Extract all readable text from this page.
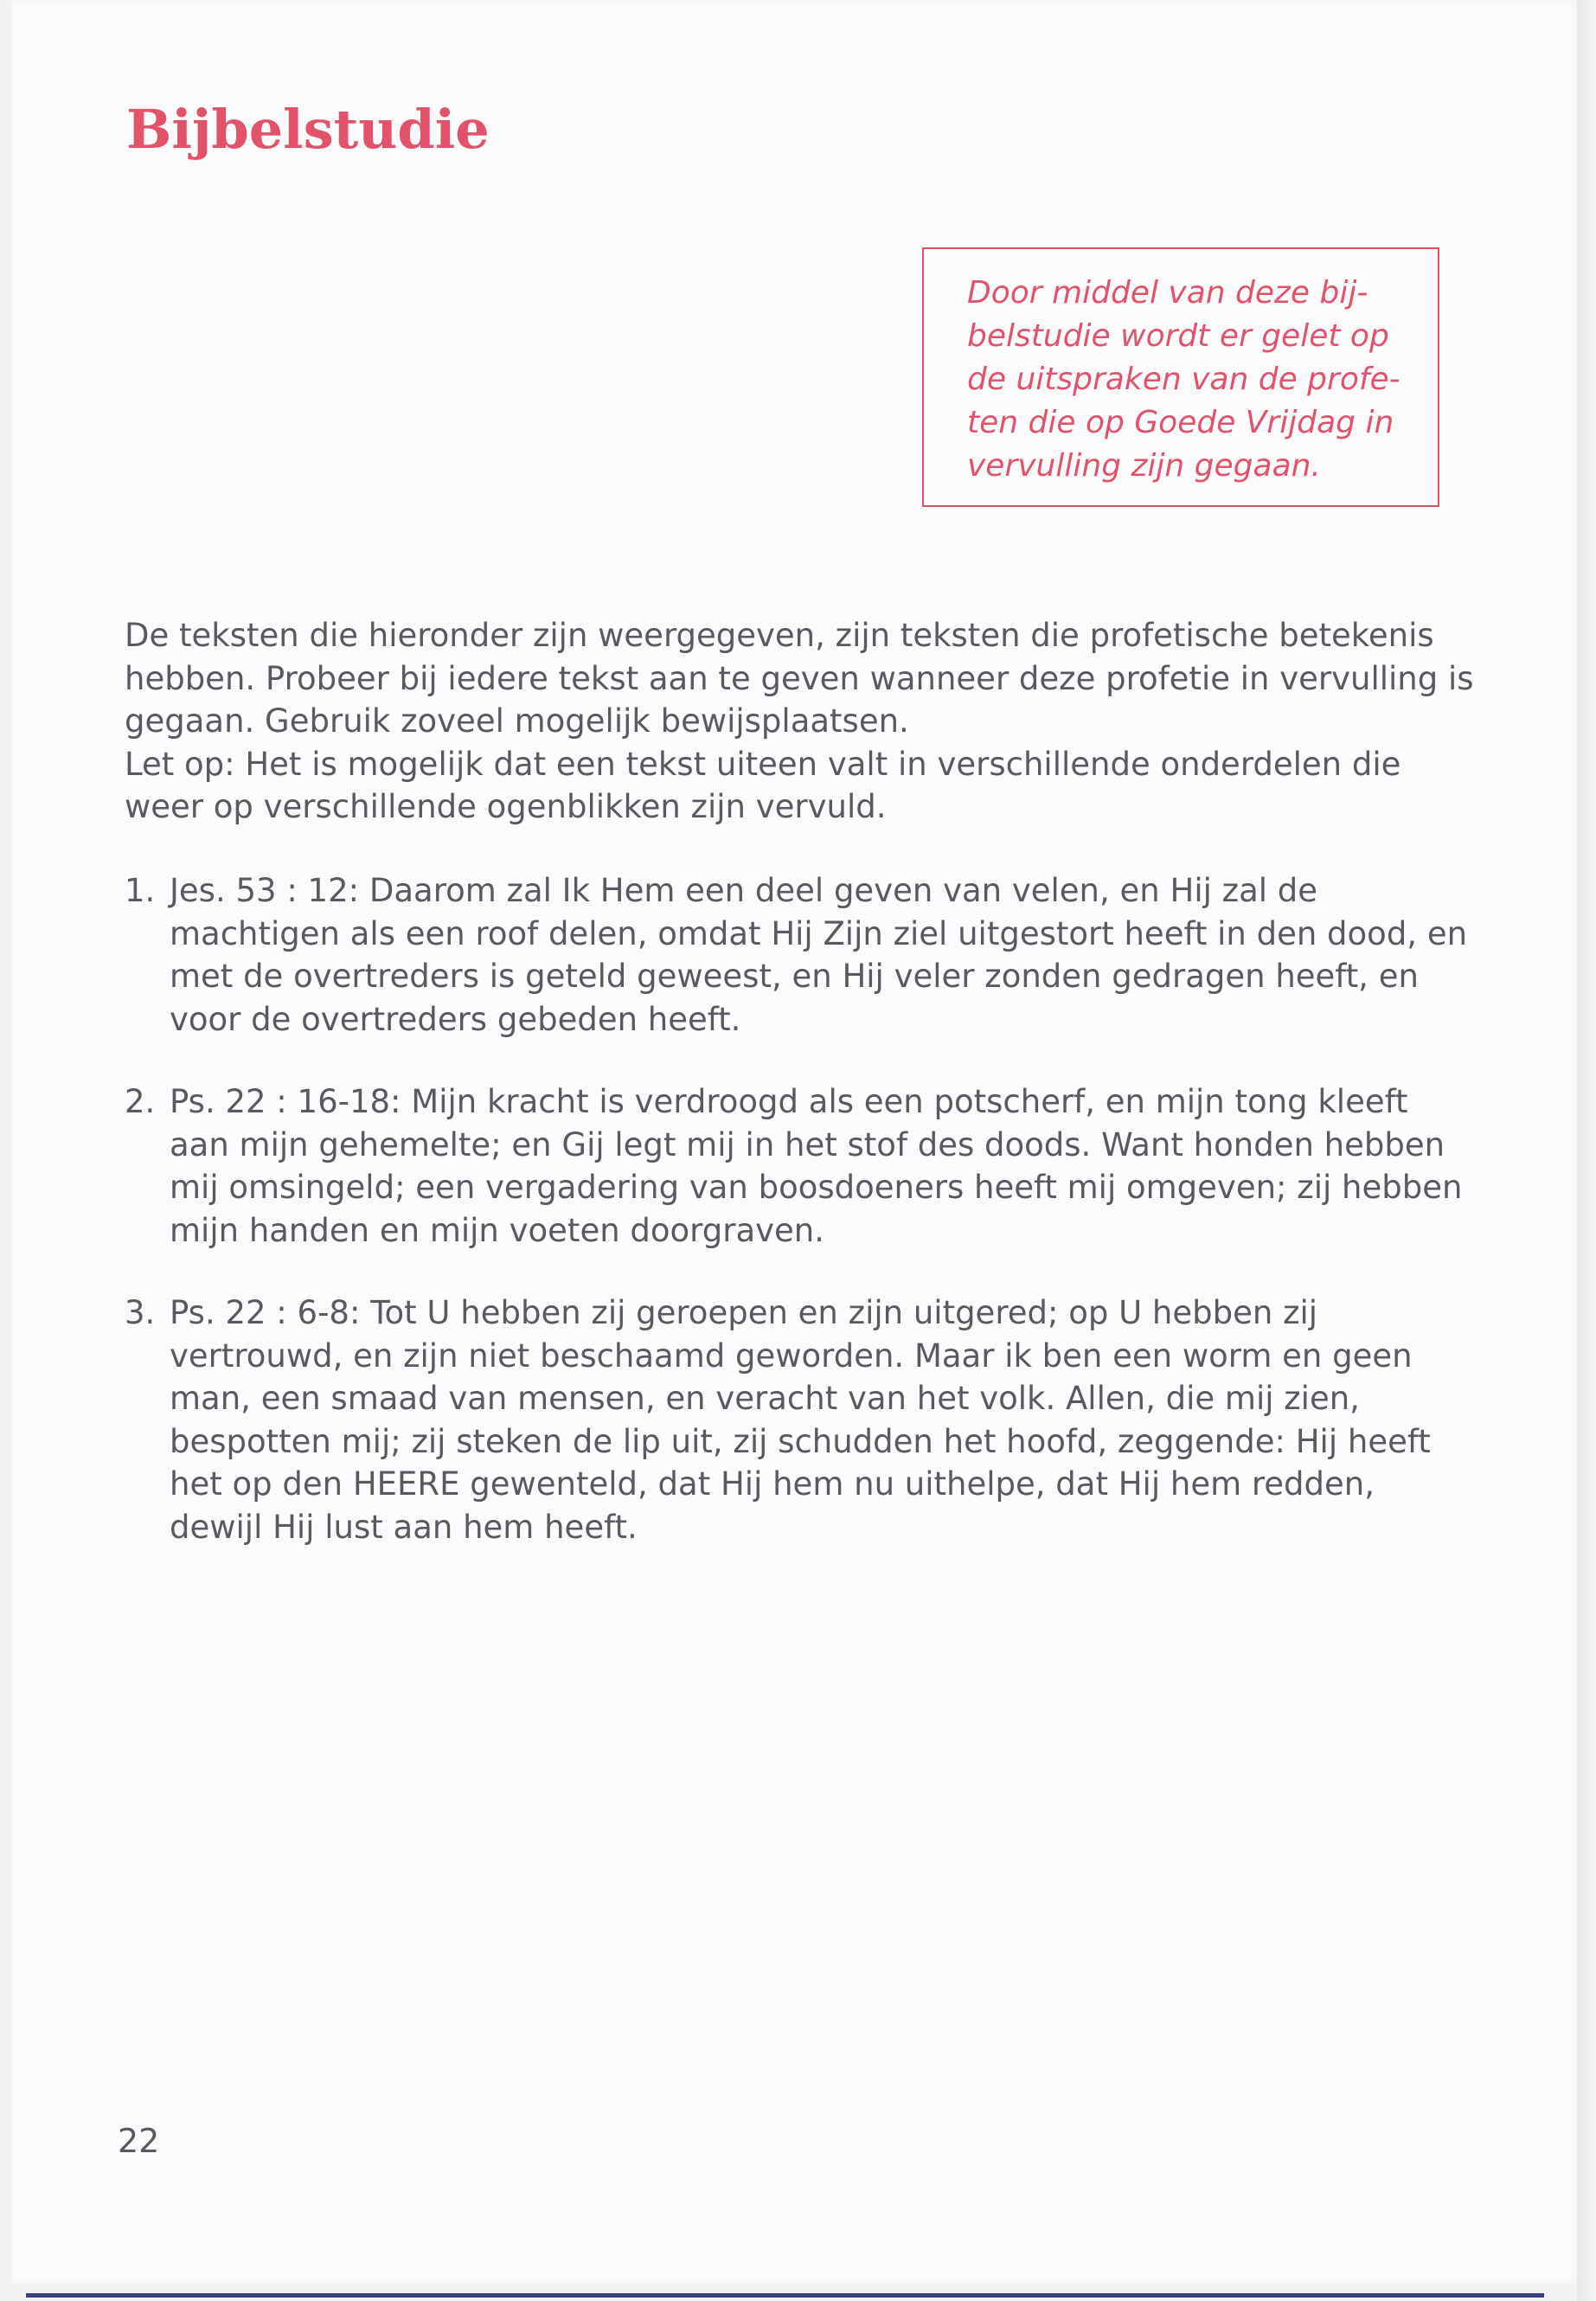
Bijbelstudie

Door middel van deze bij-

belstudie wordt er gelet op

de uitspraken van de profe-

ten die op Goede Vrijdag in

vervulling zijn gegaan.

De teksten die hieronder zijn weergegeven, zijn teksten die profetische betekenis hebben. Probeer bij iedere tekst aan te geven wanneer deze profetie in vervulling is gegaan. Gebruik zoveel mogelijk bewijsplaatsen.

Let op: Het is mogelijk dat een tekst uiteen valt in verschillende onderdelen die weer op verschillende ogenblikken zijn vervuld.

1. Jes. 53 : 12: Daarom zal Ik Hem een deel geven van velen, en Hij zal de machtigen als een roof delen, omdat Hij Zijn ziel uitgestort heeft in den dood, en met de overtreders is geteld geweest, en Hij veler zonden gedragen heeft, en voor de overtreders gebeden heeft.
2. Ps. 22 : 16-18: Mijn kracht is verdroogd als een potscherf, en mijn tong kleeft aan mijn gehemelte; en Gij legt mij in het stof des doods. Want honden hebben mij omsingeld; een vergadering van boosdoeners heeft mij omgeven; zij hebben mijn handen en mijn voeten doorgraven.
3. Ps. 22 : 6-8: Tot U hebben zij geroepen en zijn uitgered; op U hebben zij vertrouwd, en zijn niet beschaamd geworden. Maar ik ben een worm en geen man, een smaad van mensen, en veracht van het volk. Allen, die mij zien, bespotten mij; zij steken de lip uit, zij schudden het hoofd, zeggende: Hij heeft het op den HEERE gewenteld, dat Hij hem nu uithelpe, dat Hij hem redden, dewijl Hij lust aan hem heeft.
22
